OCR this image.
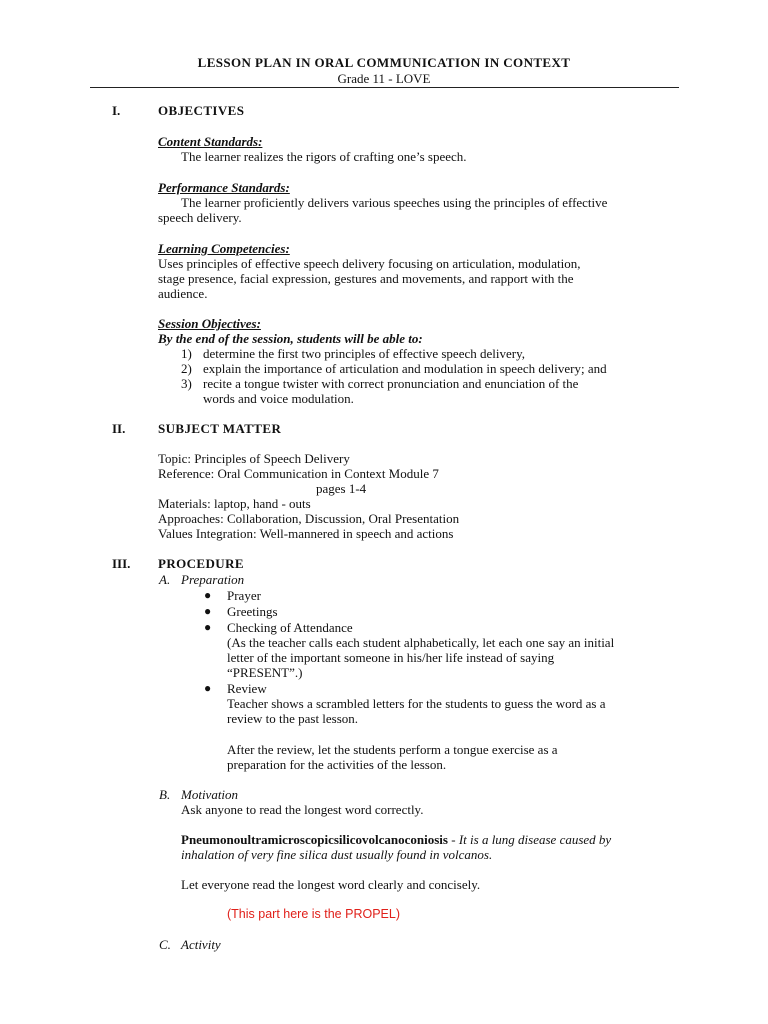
LESSON PLAN IN ORAL COMMUNICATION IN CONTEXT
Grade 11 - LOVE
I.	OBJECTIVES
Content Standards:
The learner realizes the rigors of crafting one’s speech.
Performance Standards:
The learner proficiently delivers various speeches using the principles of effective
speech delivery.
Learning Competencies:
Uses principles of effective speech delivery focusing on articulation, modulation,
stage presence, facial expression, gestures and movements, and rapport with the
audience.
Session Objectives:
By the end of the session, students will be able to:
1) determine the first two principles of effective speech delivery,
2) explain the importance of articulation and modulation in speech delivery; and
3) recite a tongue twister with correct pronunciation and enunciation of the
words and voice modulation.
II.	SUBJECT MATTER
Topic: Principles of Speech Delivery
Reference: Oral Communication in Context Module 7
pages 1-4
Materials: laptop, hand - outs
Approaches: Collaboration, Discussion, Oral Presentation
Values Integration: Well-mannered in speech and actions
III. PROCEDURE
A. Preparation
● Prayer
● Greetings
● Checking of Attendance
(As the teacher calls each student alphabetically, let each one say an initial
letter of the important someone in his/her life instead of saying
“PRESENT”.)
● Review
Teacher shows a scrambled letters for the students to guess the word as a
review to the past lesson.
After the review, let the students perform a tongue exercise as a
preparation for the activities of the lesson.
B. Motivation
Ask anyone to read the longest word correctly.
Pneumonoultramicroscopicsilicovolcanoconiosis - It is a lung disease caused by
inhalation of very fine silica dust usually found in volcanos.
Let everyone read the longest word clearly and concisely.
(This part here is the PROPEL)
C. Activity
